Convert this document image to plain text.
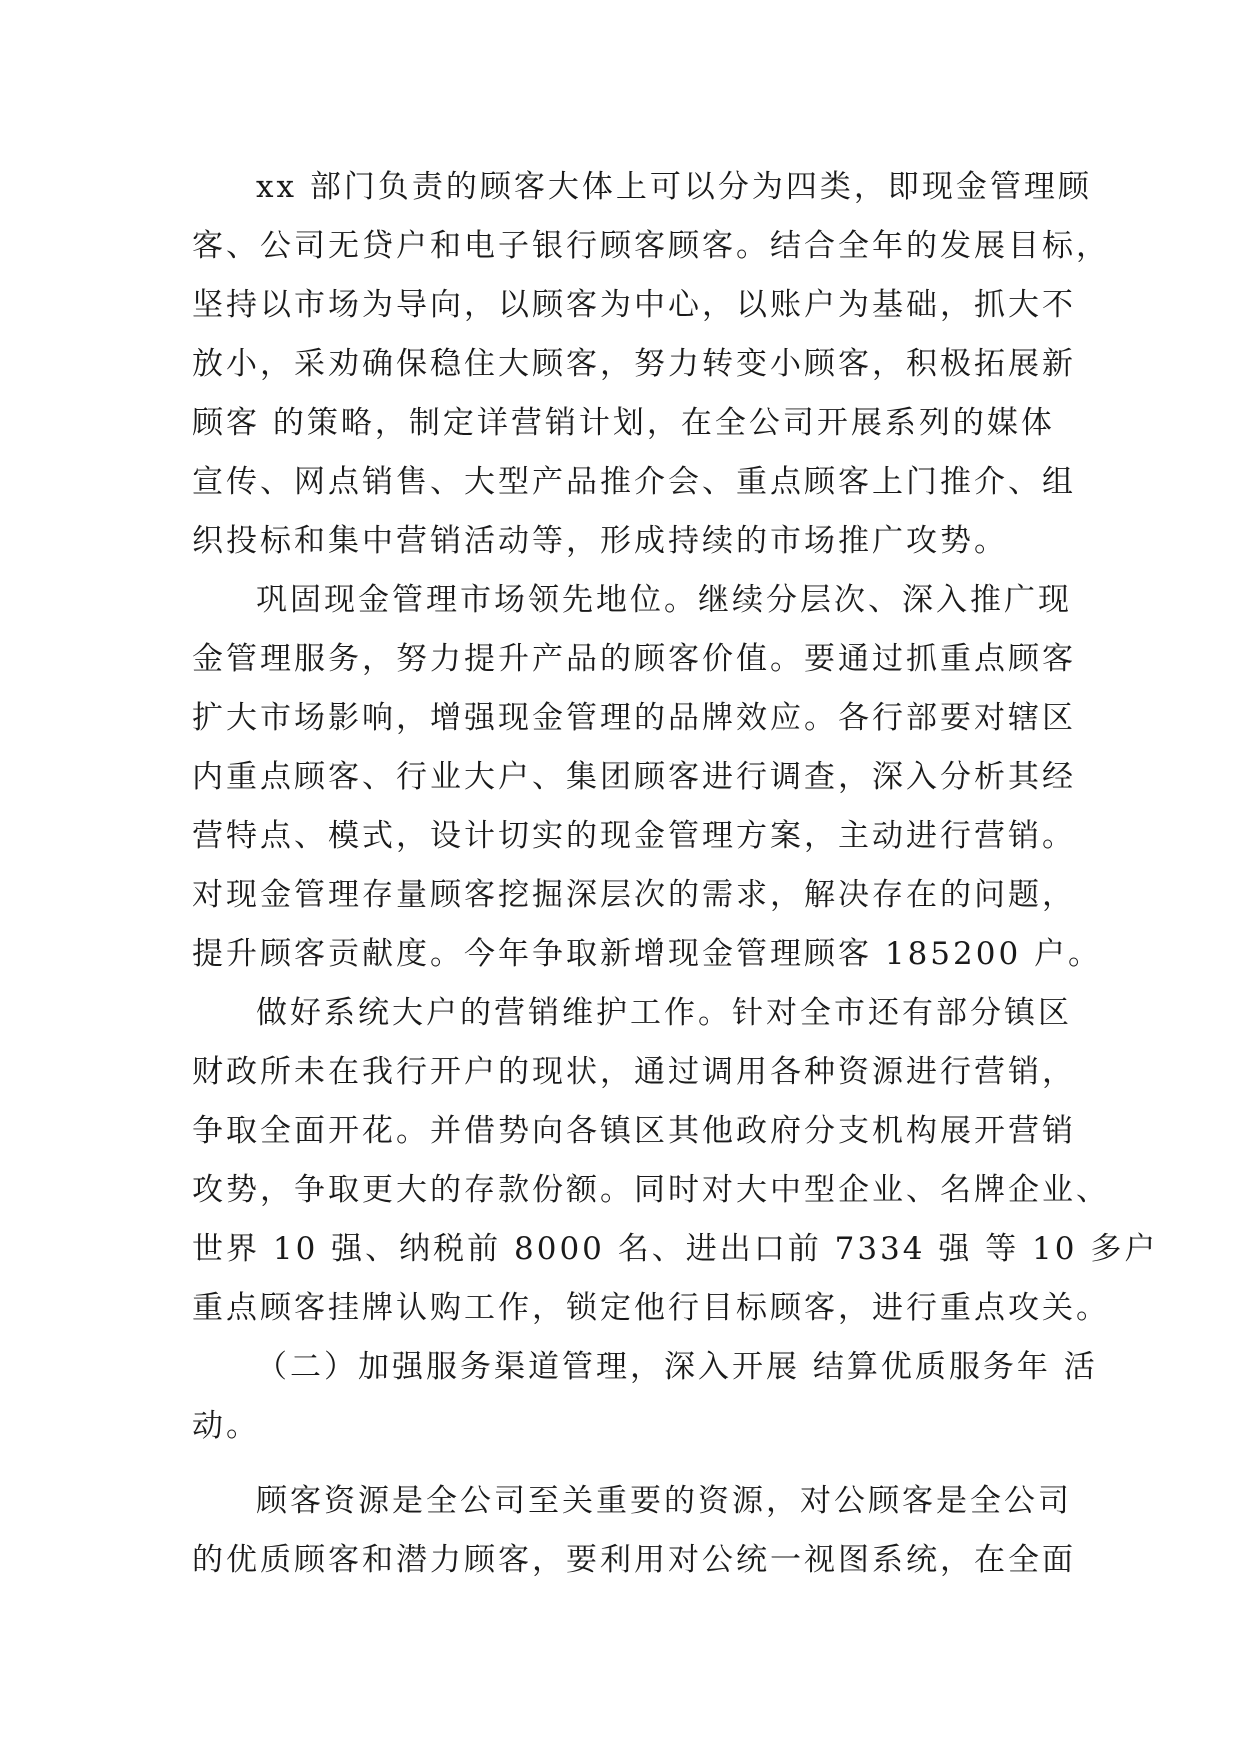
xx 部门负责的顾客大体上可以分为四类，即现金管理顾
客、公司无贷户和电子银行顾客顾客。结合全年的发展目标，
坚持以市场为导向，以顾客为中心，以账户为基础，抓大不
放小，采劝确保稳住大顾客，努力转变小顾客，积极拓展新
顾客 的策略，制定详营销计划，在全公司开展系列的媒体
宣传、网点销售、大型产品推介会、重点顾客上门推介、组
织投标和集中营销活动等，形成持续的市场推广攻势。
巩固现金管理市场领先地位。继续分层次、深入推广现
金管理服务，努力提升产品的顾客价值。要通过抓重点顾客
扩大市场影响，增强现金管理的品牌效应。各行部要对辖区
内重点顾客、行业大户、集团顾客进行调查，深入分析其经
营特点、模式，设计切实的现金管理方案，主动进行营销。
对现金管理存量顾客挖掘深层次的需求，解决存在的问题，
提升顾客贡献度。今年争取新增现金管理顾客 185200 户。
做好系统大户的营销维护工作。针对全市还有部分镇区
财政所未在我行开户的现状，通过调用各种资源进行营销，
争取全面开花。并借势向各镇区其他政府分支机构展开营销
攻势，争取更大的存款份额。同时对大中型企业、名牌企业、
世界 10 强、纳税前 8000 名、进出口前 7334 强 等 10 多户
重点顾客挂牌认购工作，锁定他行目标顾客，进行重点攻关。
（二）加强服务渠道管理，深入开展 结算优质服务年 活
动。
顾客资源是全公司至关重要的资源，对公顾客是全公司
的优质顾客和潜力顾客，要利用对公统一视图系统，在全面
